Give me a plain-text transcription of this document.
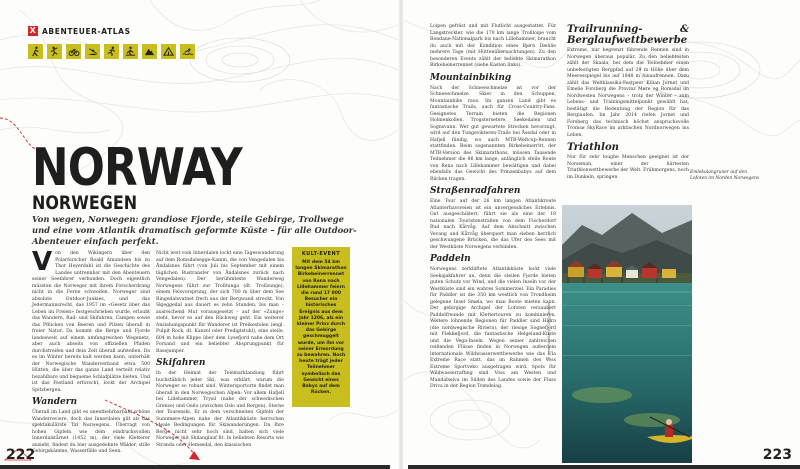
X ABENTEUER-ATLAS
NORWAY
NORWEGEN
Von wegen, Norwegen: grandiose Fjorde, steile Gebirge, Trollwege und eine vom Atlantik dramatisch geformte Küste – für alle Outdoor-Abenteuer einfach perfekt.
V on den Wikingern über den Polarforscher Roald Amundsen bis zu Thor Heyerdahl ist die Geschichte des Landes untrennbar mit den Abenteuern seiner Seefahrer verbunden. Doch eigentlich müssten die Norweger mit ihrem Forscherdrang nicht in die Ferne schweifen. Norweger sind absolute Outdoor-Junkies, und das Jedermannsrecht, das 1957 im «Gesetz über das Leben im Freien» festgeschrieben wurde, erlaubt das Wandern, Rad- und Skifahren, Campen sowie das Pflücken von Beeren und Pilzen überall in freier Natur. Da kommt die Berge und Fjorde landesweit auf einem umfangreichen Wegenetz, aber auch abseits von offiziellen Pfaden durchstreifen und dein Zelt überall aufstellen. Da es im Winter bereits kalt werden kann, unterhält der Norwegische Wanderverband etwa 500 Hütten, die über das ganze Land verteilt relativ bezahlbare und bequeme Schlafplätze bieten. Und ist das Festland erforscht, lockt der Archipel Spitzbergen.

Wandern

Überall im Land gibt es unentbehrbarbald schöne Wanderreviere, doch das Innerdalen gilt als das spektakulärste Tal Norwegens. Überragt von hohen Gipfeln wie dem eindrucksvollen Innerdalstårnet (1452 m), der viele Kletterer anzieht, findest du hier ausgedehnte Wälder, stille Gebirgskämme, Wasserfälle und Seen.

Nicht weit vom Innerdalen lockt eine Tageswanderung auf dem Romsdalsegge-Kamm, die von Vengedalen bis Åndalsnes führt (von Juli bis September mit einem täglichen Bustransfer von Åndalsnes zurück nach Vengedalen). Der berühmteste Wanderweg Norwegens führt zur Trolltunga (dt. Trollzunge), einem Felsvorsprung, der sich 700 m über dem See Ringedalsvatnet frech aus der Bergwand streckt. Von Skjeggedal aus dauert es zehn Stunden, bis man – ausreichend Mut vorausgesetzt – auf der «Zunge» steht, bevor es auf den Rückweg geht. Ein weiterer Anziehungspunkt für Wanderer ist Preikestolen (engl. Pulpit Rock, dt. Kanzel oder Predigtstuhl), eine steile, 604 m hohe Klippe über dem Lysefjord nahe dem Ort Forsand und ein beliebter Absprungpunkt für Basejumper.

Skifahren

In der Heimat der Telemarklandung führt buchstäblich jeder Ski, was erklärt, warum die Norweger so robust sind. Wintersportorte findet man überall in den Norwegischen Alpen: Vor allem Hafjell bei Lillehammer, Trysil (nahe der schwedischen Grenze) und Geilo (zwischen Oslo und Bergen). Sterne der Tourenski. Er in dem verschneiten Gipfeln der Sunnmøre-Alpen nahe der Atlantikküste herrschen ideale Bedingungen für Skiwanderungen. Du Ihre Berge nicht sehr hoch sind, halten sich viele Norweger mit Skilanglauf fit. In beliebten Resorts wie Stranda oder Hemsedal, den klassischen

KULT-EVENT
Mit dem 54 km langen Skimarathon Birkebeinerrennet von Rena nach Lillehammer feiern die rund 17 000 Besucher ein historisches Ereignis aus dem Jahr 1206, als ein kleiner Prinz durch das Gebirge geschmuggelt wurde, um ihn vor seiner Ermordung zu bewahren. Noch heute trägt jeder Teilnehmer symbolisch das Gewicht eines Babys auf dem Rücken.
222

Loipen gefräst und mit Flutlicht ausgestattet. Für Langstreckler, wie die 170 km lange Trollloipe vom Rondane-Nationalpark bis nach Lillehammer, braucht du auch mit der Kondition eines Bjørn Dæhlie mehrere Tage (mit Hüttenübernachtungen). Zu den besonderen Events zählt der beliebte Skimarathon Birkebeinerrennet (siehe Kasten links).

Mountainbiking

Nach der Schneeschmelze ist vor der Schneeschmelze. Skier in den Schuppen, Mountainbike raus. Im ganzen Land gibt es fantastische Trails, auch für Cross-Country-Fans. Geeignetes Terrain bieten die Regionen Holmenkollen, Trogstersetere, Søekedalen und Sognsvann. Wer gut gewartete Strecken bevorzugt, wird auf den Tungevikteren-Trails bei Åsedal oder in Hafjell fündig, wo auch MTB-Weltcup-Rennen stattfinden. Beim sogenannten Birkebeinerritt, der MTB-Version des Skimarathons, müssen Tausende Teilnehmer die 86 km lange, anfänglich steile Route von Rena nach Lillehammer bewältigen und dabei ebenfalls das Gewicht des Prinzenbabys auf dem Rücken tragen.

Straßenradfahren

Eine Tour auf der 26 km langen Atlantikroute Atlanterhavsveien ist ein unvergessliches Erlebnis. Gut ausgeschildert, führt sie als eine der 18 nationalen Touristenstraßen von dem Fischerdorf Bud nach Kårvåg. Auf dem Abschnitt zwischen Vevang und Kårvåg überquert man sieben herrlich geschwungene Brücken, die das Ufer des Sees mit der Westküste Norwegens verbinden.

Paddeln

Norwegens zerklüftete Atlantikküste lockt viele Seekajakfahrer an, denn die steilen Fjorde bieten guten Schutz vor Wind, und die vielen Inseln vor der Westküste sind ein wahres Sommerziel. Ein Paradies für Paddler ist die 350 km westlich von Trondheim gelegene Insel Smøla, wo man Boote mieten kann. Der gebirgige Archipel der Lofoten verzaubert Paddelfreunde mit Klettertouren zu kombinieren. Weitere lohnende Regionen für Paddler sind Hidra (die nordwegische Riviera), der riesige Sognefjord mit Flekkefjord, die fantastische Helgeland-Küste und die Vega-Inseln. Wegen seiner zahlreichen reißenden Flüsse finden in Norwegen außerdem internationale Wildwasserwettbewerbe wie das Ula Extreme Race statt, das im Rahmen des Voss Extreme Sportveko ausgetragen wird. Spots für Wildwasserrafting sind Voss am Westen und Mandalselva im Süden des Landes sowie der Fluss Driva in der Region Trøndelag.

Trailrunning- & Berglaufwettbewerbe

Extreme, nur begrenzt führende Rennen sind in Norwegen überaus populär. Zu den beliebtesten zählt der Skaala, bei dem die Teilnehmer einen unbefestigten Bergpfad auf 29 m Höhe über dem Meeresspiegel bis auf 1848 m hinaufrennen. Dazu zählt das Weltklassika-Festpeer Kilian Jornet und Emelie Forsberg die Provinz Møre og Romsdal im Nordwesten Norwegens – trotz der Winter – zum Lebens- und Trainingsmittelpunkt gewählt hat, bestätigt die Bedeutung der Region für das Berglaufen. Im Jahr 2014 riefen Jornet und Forsberg das technisch höchst anspruchsvolle Tromsø SkyRace im arktischen Nordnorwegen ins Leben.

Triathlon

Nur für sehr toughe Menschen geeignet ist der Norseman, einer der härtesten Triathlonwettbewerbe der Welt. Frühmorgens, noch im Dunkeln, springen

Emlekulangruner auf den Lofoten im Norden Norwegens
© Johan Lindberg / Getty Images
223
